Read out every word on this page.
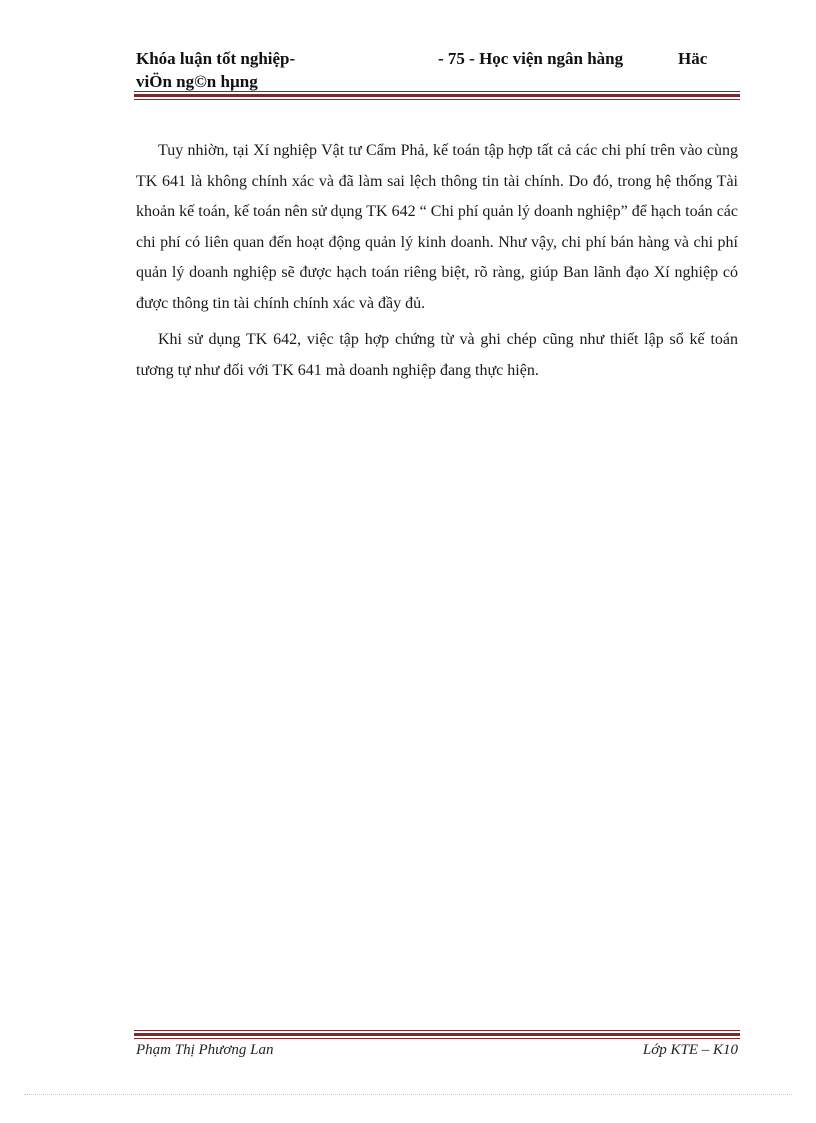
Khóa luận tốt nghiệp-	- 75 - Học viện ngân hàng	Häc
viÖn ng©n hµng

Tuy nhiờn, tại Xí nghiệp Vật tư Cẩm Phả, kế toán tập hợp tất cả các chi phí trên vào cùng TK 641 là không chính xác và đã làm sai lệch thông tin tài chính. Do đó, trong hệ thống Tài khoản kế toán, kế toán nên sử dụng TK 642 “ Chi phí quản lý doanh nghiệp” để hạch toán các chi phí có liên quan đến hoạt động quản lý kinh doanh. Như vậy, chi phí bán hàng và chi phí quản lý doanh nghiệp sẽ được hạch toán riêng biệt, rõ ràng, giúp Ban lãnh đạo Xí nghiệp có được thông tin tài chính chính xác và đầy đủ.

Khi sử dụng TK 642, việc tập hợp chứng từ và ghi chép cũng như thiết lập sổ kế toán tương tự như đối với TK 641 mà doanh nghiệp đang thực hiện.

Phạm Thị Phương Lan	Lớp KTE – K10
